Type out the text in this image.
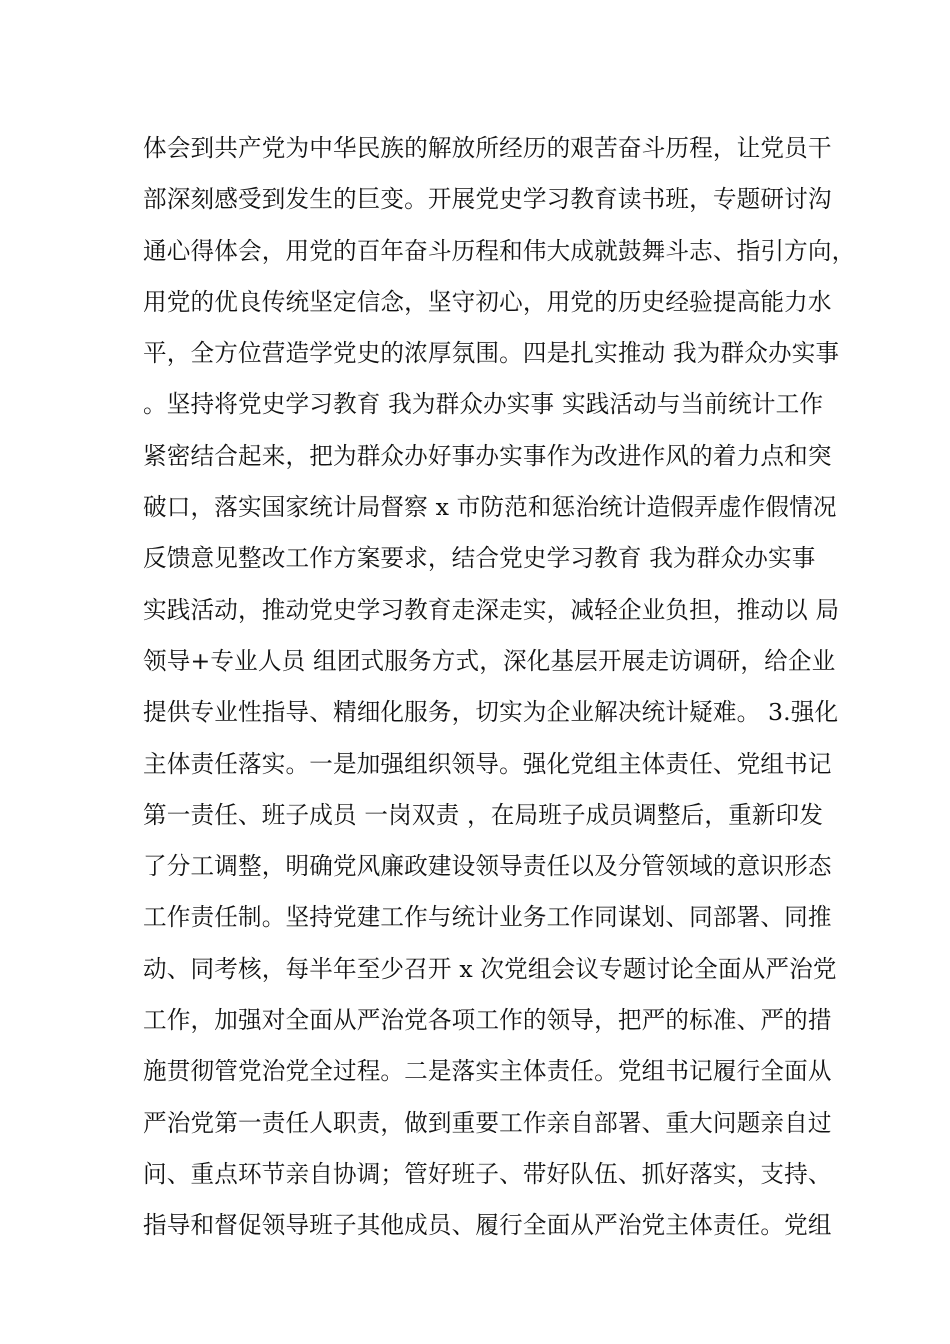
体会到共产党为中华民族的解放所经历的艰苦奋斗历程，让党员干
部深刻感受到发生的巨变。开展党史学习教育读书班，专题研讨沟
通心得体会，用党的百年奋斗历程和伟大成就鼓舞斗志、指引方向，
用党的优良传统坚定信念，坚守初心，用党的历史经验提高能力水
平，全方位营造学党史的浓厚氛围。四是扎实推动 我为群众办实事
。坚持将党史学习教育 我为群众办实事 实践活动与当前统计工作
紧密结合起来，把为群众办好事办实事作为改进作风的着力点和突
破口，落实国家统计局督察 x 市防范和惩治统计造假弄虚作假情况
反馈意见整改工作方案要求，结合党史学习教育 我为群众办实事
实践活动，推动党史学习教育走深走实，减轻企业负担，推动以 局
领导+专业人员 组团式服务方式，深化基层开展走访调研，给企业
提供专业性指导、精细化服务，切实为企业解决统计疑难。 3.强化
主体责任落实。一是加强组织领导。强化党组主体责任、党组书记
第一责任、班子成员 一岗双责 ，在局班子成员调整后，重新印发
了分工调整，明确党风廉政建设领导责任以及分管领域的意识形态
工作责任制。坚持党建工作与统计业务工作同谋划、同部署、同推
动、同考核，每半年至少召开 x 次党组会议专题讨论全面从严治党
工作，加强对全面从严治党各项工作的领导，把严的标准、严的措
施贯彻管党治党全过程。二是落实主体责任。党组书记履行全面从
严治党第一责任人职责，做到重要工作亲自部署、重大问题亲自过
问、重点环节亲自协调；管好班子、带好队伍、抓好落实，支持、
指导和督促领导班子其他成员、履行全面从严治党主体责任。党组
